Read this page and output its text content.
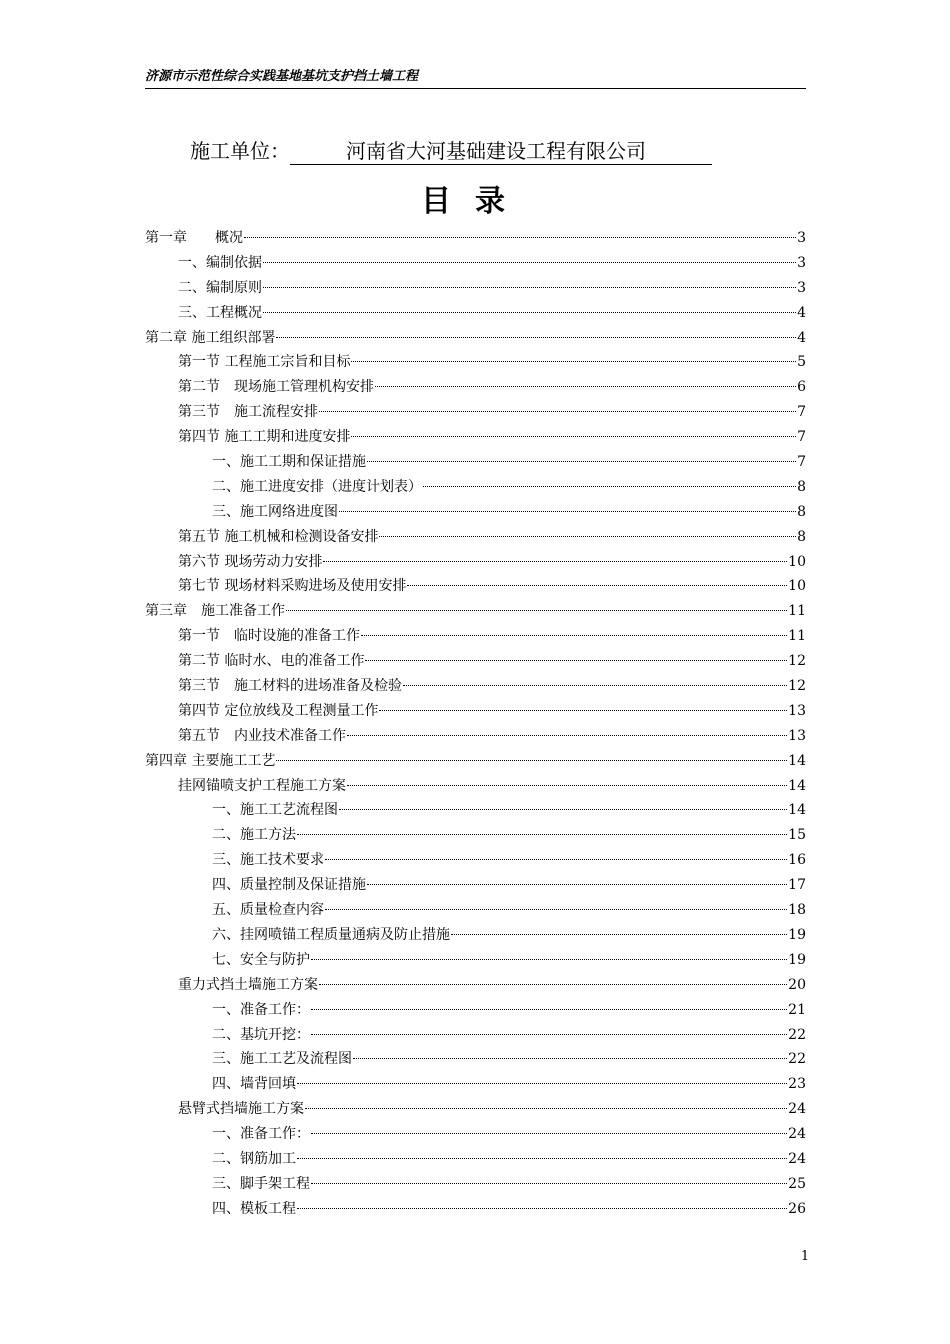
济源市示范性综合实践基地基坑支护挡土墙工程
施工单位：	河南省大河基础建设工程有限公司
目录
第一章　　概况	3
一、编制依据	3
二、编制原则	3
三、工程概况	4
第二章 施工组织部署	4
第一节 工程施工宗旨和目标	5
第二节　现场施工管理机构安排	6
第三节　施工流程安排	7
第四节 施工工期和进度安排	7
一、施工工期和保证措施	7
二、施工进度安排（进度计划表）	8
三、施工网络进度图	8
第五节 施工机械和检测设备安排	8
第六节 现场劳动力安排	10
第七节 现场材料采购进场及使用安排	10
第三章　施工准备工作	11
第一节　临时设施的准备工作	11
第二节 临时水、电的准备工作	12
第三节　施工材料的进场准备及检验	12
第四节 定位放线及工程测量工作	13
第五节　内业技术准备工作	13
第四章 主要施工工艺	14
挂网锚喷支护工程施工方案	14
一、施工工艺流程图	14
二、施工方法	15
三、施工技术要求	16
四、质量控制及保证措施	17
五、质量检查内容	18
六、挂网喷锚工程质量通病及防止措施	19
七、安全与防护	19
重力式挡土墙施工方案	20
一、准备工作：	21
二、基坑开挖：	22
三、施工工艺及流程图	22
四、墙背回填	23
悬臂式挡墙施工方案	24
一、准备工作：	24
二、钢筋加工	24
三、脚手架工程	25
四、模板工程	26
1
